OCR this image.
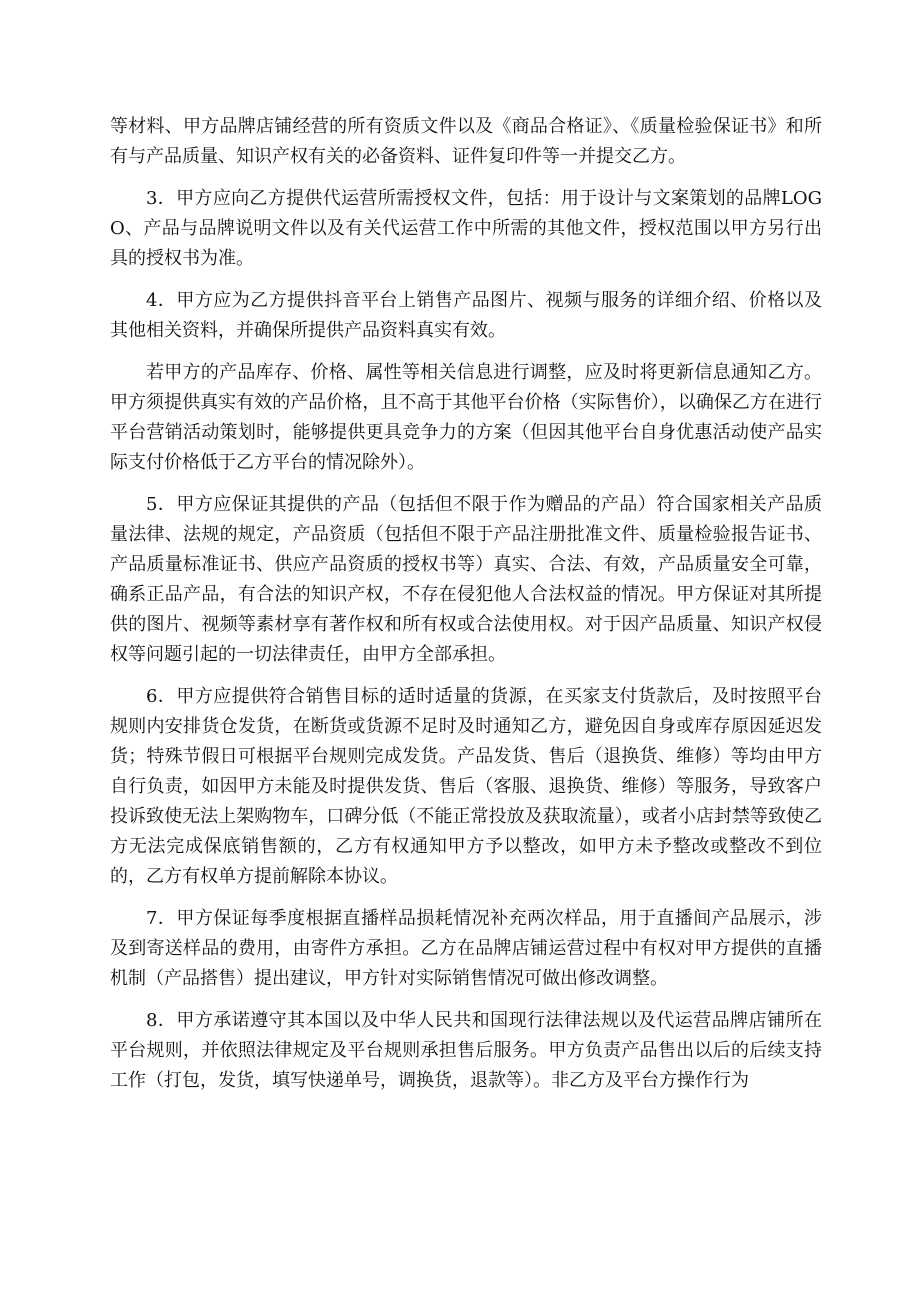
等材料、甲方品牌店铺经营的所有资质文件以及《商品合格证》、《质量检验保证书》和所有与产品质量、知识产权有关的必备资料、证件复印件等一并提交乙方。

3．甲方应向乙方提供代运营所需授权文件，包括：用于设计与文案策划的品牌LOGO、产品与品牌说明文件以及有关代运营工作中所需的其他文件，授权范围以甲方另行出具的授权书为准。

4．甲方应为乙方提供抖音平台上销售产品图片、视频与服务的详细介绍、价格以及其他相关资料，并确保所提供产品资料真实有效。

若甲方的产品库存、价格、属性等相关信息进行调整，应及时将更新信息通知乙方。甲方须提供真实有效的产品价格，且不高于其他平台价格（实际售价），以确保乙方在进行平台营销活动策划时，能够提供更具竞争力的方案（但因其他平台自身优惠活动使产品实际支付价格低于乙方平台的情况除外）。

5．甲方应保证其提供的产品（包括但不限于作为赠品的产品）符合国家相关产品质量法律、法规的规定，产品资质（包括但不限于产品注册批准文件、质量检验报告证书、产品质量标准证书、供应产品资质的授权书等）真实、合法、有效，产品质量安全可靠，确系正品产品，有合法的知识产权，不存在侵犯他人合法权益的情况。甲方保证对其所提供的图片、视频等素材享有著作权和所有权或合法使用权。对于因产品质量、知识产权侵权等问题引起的一切法律责任，由甲方全部承担。

6．甲方应提供符合销售目标的适时适量的货源，在买家支付货款后，及时按照平台规则内安排货仓发货，在断货或货源不足时及时通知乙方，避免因自身或库存原因延迟发货；特殊节假日可根据平台规则完成发货。产品发货、售后（退换货、维修）等均由甲方自行负责，如因甲方未能及时提供发货、售后（客服、退换货、维修）等服务，导致客户投诉致使无法上架购物车，口碑分低（不能正常投放及获取流量），或者小店封禁等致使乙方无法完成保底销售额的，乙方有权通知甲方予以整改，如甲方未予整改或整改不到位的，乙方有权单方提前解除本协议。

7．甲方保证每季度根据直播样品损耗情况补充两次样品，用于直播间产品展示，涉及到寄送样品的费用，由寄件方承担。乙方在品牌店铺运营过程中有权对甲方提供的直播机制（产品搭售）提出建议，甲方针对实际销售情况可做出修改调整。

8．甲方承诺遵守其本国以及中华人民共和国现行法律法规以及代运营品牌店铺所在平台规则，并依照法律规定及平台规则承担售后服务。甲方负责产品售出以后的后续支持工作（打包，发货，填写快递单号，调换货，退款等）。非乙方及平台方操作行为
